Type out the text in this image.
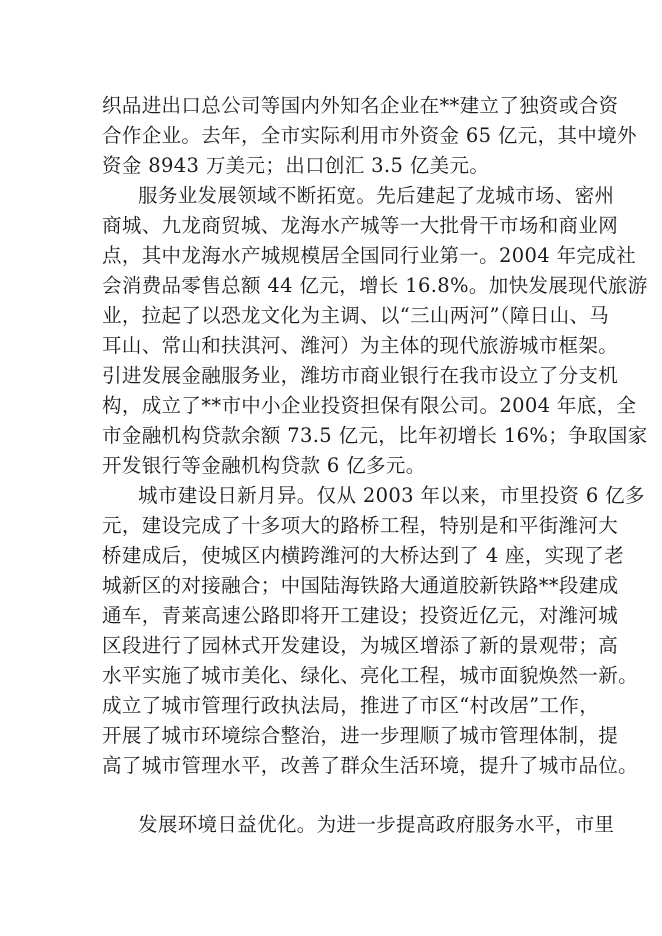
织品进出口总公司等国内外知名企业在**建立了独资或合资
合作企业。去年，全市实际利用市外资金 65 亿元，其中境外
资金 8943 万美元；出口创汇 3.5 亿美元。
服务业发展领域不断拓宽。先后建起了龙城市场、密州
商城、九龙商贸城、龙海水产城等一大批骨干市场和商业网
点，其中龙海水产城规模居全国同行业第一。2004 年完成社
会消费品零售总额 44 亿元，增长 16.8%。加快发展现代旅游
业，拉起了以恐龙文化为主调、以“三山两河”（障日山、马
耳山、常山和扶淇河、潍河）为主体的现代旅游城市框架。
引进发展金融服务业，潍坊市商业银行在我市设立了分支机
构，成立了**市中小企业投资担保有限公司。2004 年底，全
市金融机构贷款余额 73.5 亿元，比年初增长 16%；争取国家
开发银行等金融机构贷款 6 亿多元。
城市建设日新月异。仅从 2003 年以来，市里投资 6 亿多
元，建设完成了十多项大的路桥工程，特别是和平街潍河大
桥建成后，使城区内横跨潍河的大桥达到了 4 座，实现了老
城新区的对接融合；中国陆海铁路大通道胶新铁路**段建成
通车，青莱高速公路即将开工建设；投资近亿元，对潍河城
区段进行了园林式开发建设，为城区增添了新的景观带；高
水平实施了城市美化、绿化、亮化工程，城市面貌焕然一新。
成立了城市管理行政执法局，推进了市区“村改居”工作，
开展了城市环境综合整治，进一步理顺了城市管理体制，提
高了城市管理水平，改善了群众生活环境，提升了城市品位。
发展环境日益优化。为进一步提高政府服务水平，市里
